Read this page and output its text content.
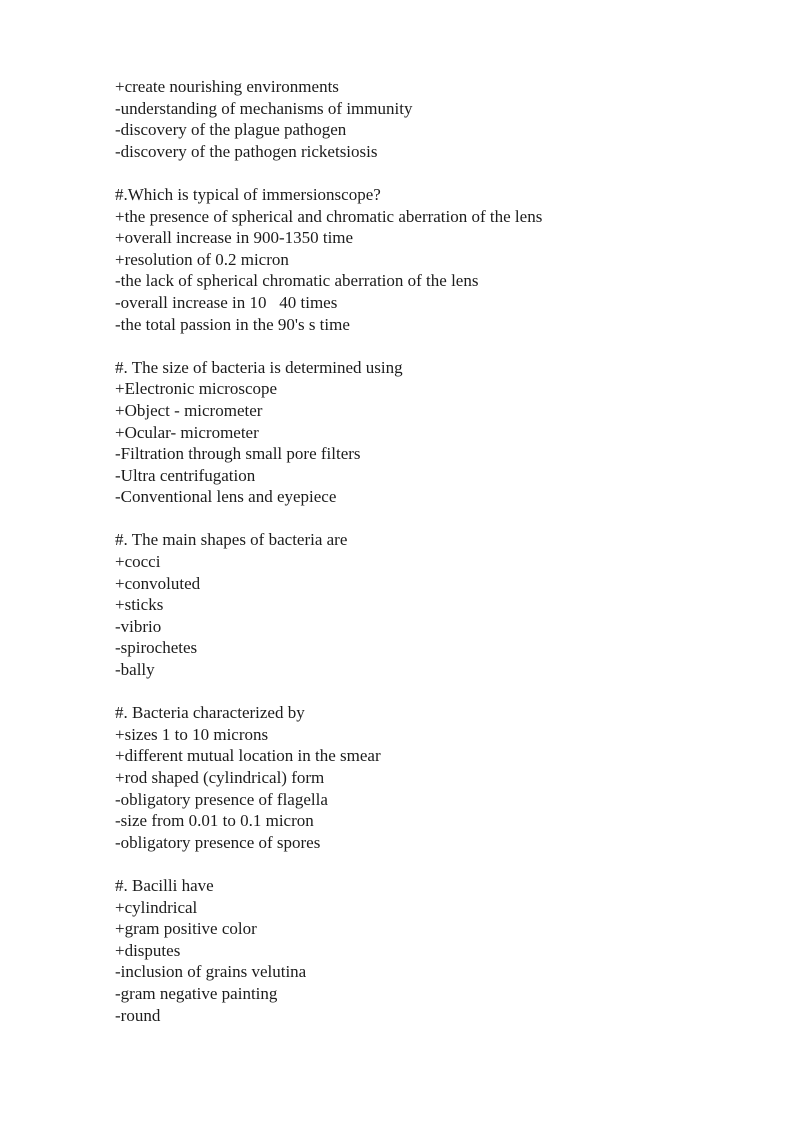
+create nourishing environments
-understanding of mechanisms of immunity
-discovery of the plague pathogen
-discovery of the pathogen ricketsiosis
#.Which is typical of immersionscope?
+the presence of spherical and chromatic aberration of the lens
+overall increase in 900-1350 time
+resolution of 0.2 micron
-the lack of spherical chromatic aberration of the lens
-overall increase in 10   40 times
-the total passion in the 90's s time
#. The size of bacteria is determined using
+Electronic microscope
+Object - micrometer
+Ocular- micrometer
-Filtration through small pore filters
-Ultra centrifugation
-Conventional lens and eyepiece
#. The main shapes of bacteria are
+cocci
+convoluted
+sticks
-vibrio
-spirochetes
-bally
#. Bacteria characterized by
+sizes 1 to 10 microns
+different mutual location in the smear
+rod shaped (cylindrical) form
-obligatory presence of flagella
-size from 0.01 to 0.1 micron
-obligatory presence of spores
#. Bacilli have
+cylindrical
+gram positive color
+disputes
-inclusion of grains velutina
-gram negative painting
-round
